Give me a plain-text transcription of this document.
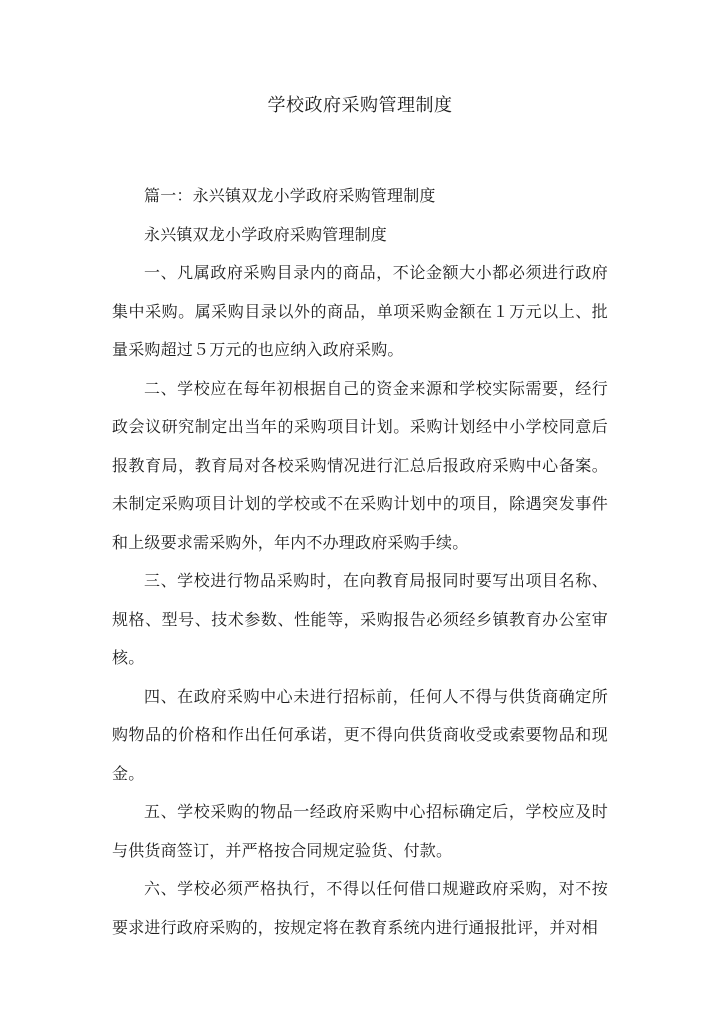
学校政府采购管理制度

篇一：永兴镇双龙小学政府采购管理制度

永兴镇双龙小学政府采购管理制度

一、凡属政府采购目录内的商品，不论金额大小都必须进行政府集中采购。属采购目录以外的商品，单项采购金额在１万元以上、批量采购超过５万元的也应纳入政府采购。

二、学校应在每年初根据自己的资金来源和学校实际需要，经行政会议研究制定出当年的采购项目计划。采购计划经中小学校同意后报教育局，教育局对各校采购情况进行汇总后报政府采购中心备案。未制定采购项目计划的学校或不在采购计划中的项目，除遇突发事件和上级要求需采购外，年内不办理政府采购手续。

三、学校进行物品采购时，在向教育局报同时要写出项目名称、规格、型号、技术参数、性能等，采购报告必须经乡镇教育办公室审核。

四、在政府采购中心未进行招标前，任何人不得与供货商确定所购物品的价格和作出任何承诺，更不得向供货商收受或索要物品和现金。

五、学校采购的物品一经政府采购中心招标确定后，学校应及时与供货商签订，并严格按合同规定验货、付款。

六、学校必须严格执行，不得以任何借口规避政府采购，对不按要求进行政府采购的，按规定将在教育系统内进行通报批评，并对相
